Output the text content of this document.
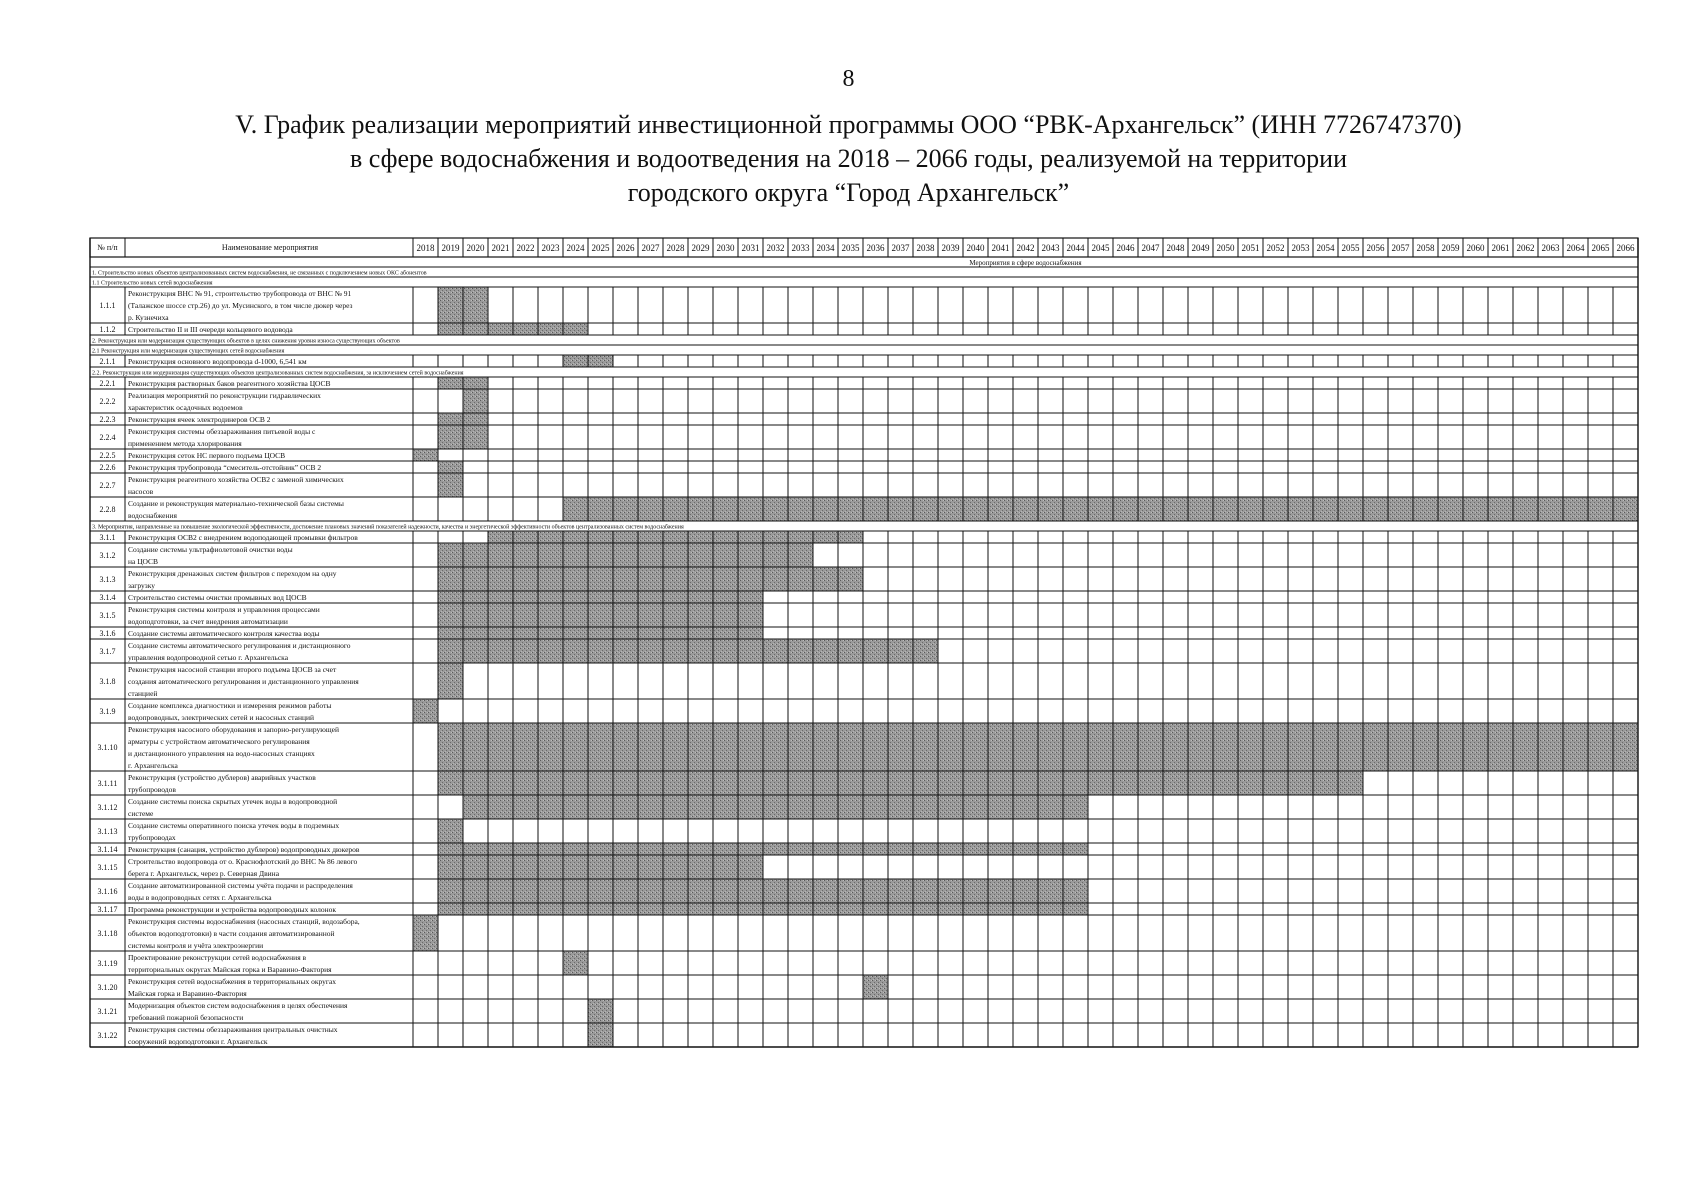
8
V. График реализации мероприятий инвестиционной программы ООО “РВК-Архангельск” (ИНН 7726747370)
в сфере водоснабжения и водоотведения на 2018 – 2066 годы, реализуемой на территории
городского округа “Город Архангельск”
№ п/п	Наименование мероприятия	2018 2019 2020 2021 2022 2023 2024 2025 2026 2027 2028 2029 2030 2031 2032 2033 2034 2035 2036 2037 2038 2039 2040 2041 2042 2043 2044 2045 2046 2047 2048 2049 2050 2051 2052 2053 2054 2055 2056 2057 2058 2059 2060 2061 2062 2063 2064 2065 2066
Мероприятия в сфере водоснабжения
1. Строительство новых объектов централизованных систем водоснабжения, не связанных с подключением новых ОКС абонентов
1.1 Строительство новых сетей водоснабжения
1.1.1
Реконструкция ВНС № 91, строительство трубопровода от ВНС № 91
(Талажское шоссе стр.26) до ул. Мусинского, в том числе дюкер через
р. Кузнечиха
1.1.2 Строительство II и III очереди кольцевого водовода
2. Реконструкция или модернизация существующих объектов в целях снижения уровня износа существующих объектов
2.1 Реконструкция или модернизация существующих сетей водоснабжения
2.1.1 Реконструкция основного водопровода d-1000, 6,541 км
2.2. Реконструкция или модернизация существующих объектов централизованных систем водоснабжения, за исключением сетей водоснабжения
2.2.1 Реконструкция растворных баков реагентного хозяйства ЦОСВ
2.2.2
Реализация мероприятий по реконструкции гидравлических
характеристик осадочных водоемов
2.2.3 Реконструкция ячеек электродинеров ОСВ 2
2.2.4
Реконструкция системы обеззараживания питьевой воды с
применением метода хлорирования
2.2.5 Реконструкция сеток НС первого подъема ЦОСВ
2.2.6 Реконструкция трубопровода “смеситель-отстойник” ОСВ 2
2.2.7
Реконструкция реагентного хозяйства ОСВ2 с заменой химических
насосов
2.2.8
Создание и реконструкция материально-технической базы системы
водоснабжения
3. Мероприятия, направленные на повышение экологической эффективности, достижение плановых значений показателей надежности, качества и энергетической эффективности объектов централизованных систем водоснабжения
3.1.1 Реконструкция ОСВ2 с внедрением водоподающей промывки фильтров
3.1.2
Создание системы ультрафиолетовой очистки воды
на ЦОСВ
3.1.3
Реконструкция дренажных систем фильтров с переходом на одну
загрузку
3.1.4 Строительство системы очистки промывных вод ЦОСВ
3.1.5
Реконструкция системы контроля и управления процессами
водоподготовки, за счет внедрения автоматизации
3.1.6 Создание системы автоматического контроля качества воды
3.1.7
Создание системы автоматического регулирования и дистанционного
управления водопроводной сетью г. Архангельска
3.1.8
Реконструкция насосной станции второго подъема ЦОСВ за счет
создания автоматического регулирования и дистанционного управления
станцией
3.1.9
Создание комплекса диагностики и измерения режимов работы
водопроводных, электрических сетей и насосных станций
3.1.10
Реконструкция насосного оборудования и запорно-регулирующей
арматуры с устройством автоматического регулирования
и дистанционного управления на водо-насосных станциях
г. Архангельска
3.1.11
Реконструкция (устройство дублеров) аварийных участков
трубопроводов
3.1.12
Создание системы поиска скрытых утечек воды в водопроводной
системе
3.1.13
Создание системы оперативного поиска утечек воды в подземных
трубопроводах
3.1.14 Реконструкция (санация, устройство дублеров) водопроводных дюкеров
3.1.15
Строительство водопровода от о. Краснофлотский до ВНС № 86 левого
берега г. Архангельск, через р. Северная Двина
3.1.16
Создание автоматизированной системы учёта подачи и распределения
воды в водопроводных сетях г. Архангельска
3.1.17 Программа реконструкции и устройства водопроводных колонок
3.1.18
Реконструкция системы водоснабжения (насосных станций, водозабора,
объектов водоподготовки) в части создания автоматизированной
системы контроля и учёта электроэнергии
3.1.19
Проектирование реконструкции сетей водоснабжения в
территориальных округах Майская горка и Варавино-Фактория
3.1.20
Реконструкция сетей водоснабжения в территориальных округах
Майская горка и Варавино-Фактория
3.1.21
Модернизация объектов систем водоснабжения в целях обеспечения
требований пожарной безопасности
3.1.22
Реконструкция системы обеззараживания центральных очистных
сооружений водоподготовки г. Архангельск
